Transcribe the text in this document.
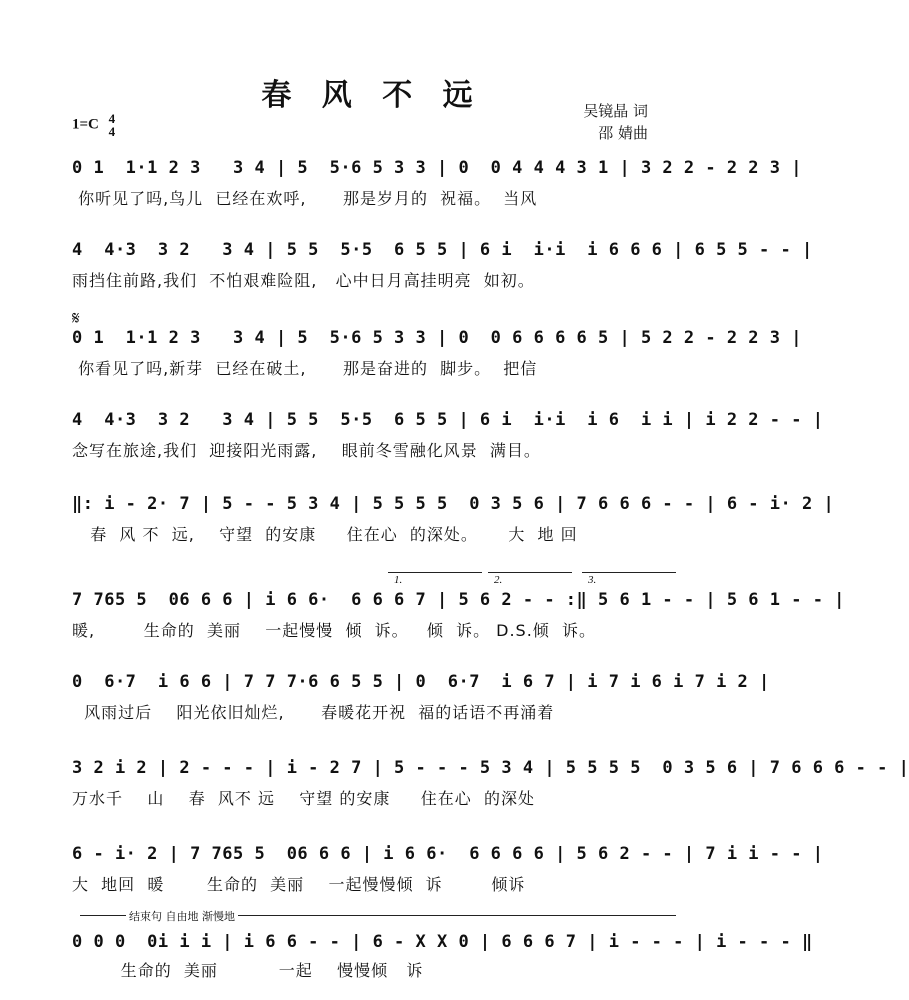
春 风 不 远
1=C 4
4
吴镜晶 词
邵 婧曲
0 1  1·1 2 3   3 4 | 5  5·6 5 3 3 | 0  0 4 4 4 3 1 | 3 2 2 - 2 2 3 |
你听见了吗,鸟儿  已经在欢呼,      那是岁月的  祝福。  当风
4  4·3  3 2   3 4 | 5 5  5·5  6 5 5 | 6 i  i·i  i 6 6 6 | 6 5 5 - - |
雨挡住前路,我们  不怕艰难险阻,   心中日月高挂明亮  如初。
𝄋
0 1  1·1 2 3   3 4 | 5  5·6 5 3 3 | 0  0 6 6 6 6 5 | 5 2 2 - 2 2 3 |
你看见了吗,新芽  已经在破土,      那是奋进的  脚步。  把信
4  4·3  3 2   3 4 | 5 5  5·5  6 5 5 | 6 i  i·i  i 6  i i | i 2 2 - - |
念写在旅途,我们  迎接阳光雨露,    眼前冬雪融化风景  满目。
‖: i - 2· 7 | 5 - - 5 3 4 | 5 5 5 5  0 3 5 6 | 7 6 6 6 - - | 6 - i· 2 |
春  风 不  远,    守望  的安康     住在心  的深处。     大  地 回
1.	2.	3.
7 765 5  06 6 6 | i 6 6·  6 6 6 7 | 5 6 2 - - :‖ 5 6 1 - - | 5 6 1 - - |
暖,        生命的  美丽    一起慢慢  倾  诉。   倾  诉。 D.S.倾  诉。
0  6·7  i 6 6 | 7 7 7·6 6 5 5 | 0  6·7  i 6 7 | i 7 i 6 i 7 i 2 |
风雨过后    阳光依旧灿烂,      春暖花开祝  福的话语不再涌着
3 2 i 2 | 2 - - - | i - 2 7 | 5 - - - 5 3 4 | 5 5 5 5  0 3 5 6 | 7 6 6 6 - - |
万水千    山    春  风不 远    守望 的安康     住在心  的深处
6 - i· 2 | 7 765 5  06 6 6 | i 6 6·  6 6 6 6 | 5 6 2 - - | 7 i i - - |
大  地回  暖       生命的  美丽    一起慢慢倾  诉        倾诉
结束句 自由地 渐慢地
0 0 0  0i i i | i 6 6 - - | 6 - X X 0 | 6 6 6 7 | i - - - | i - - - ‖
生命的  美丽          一起    慢慢倾   诉
